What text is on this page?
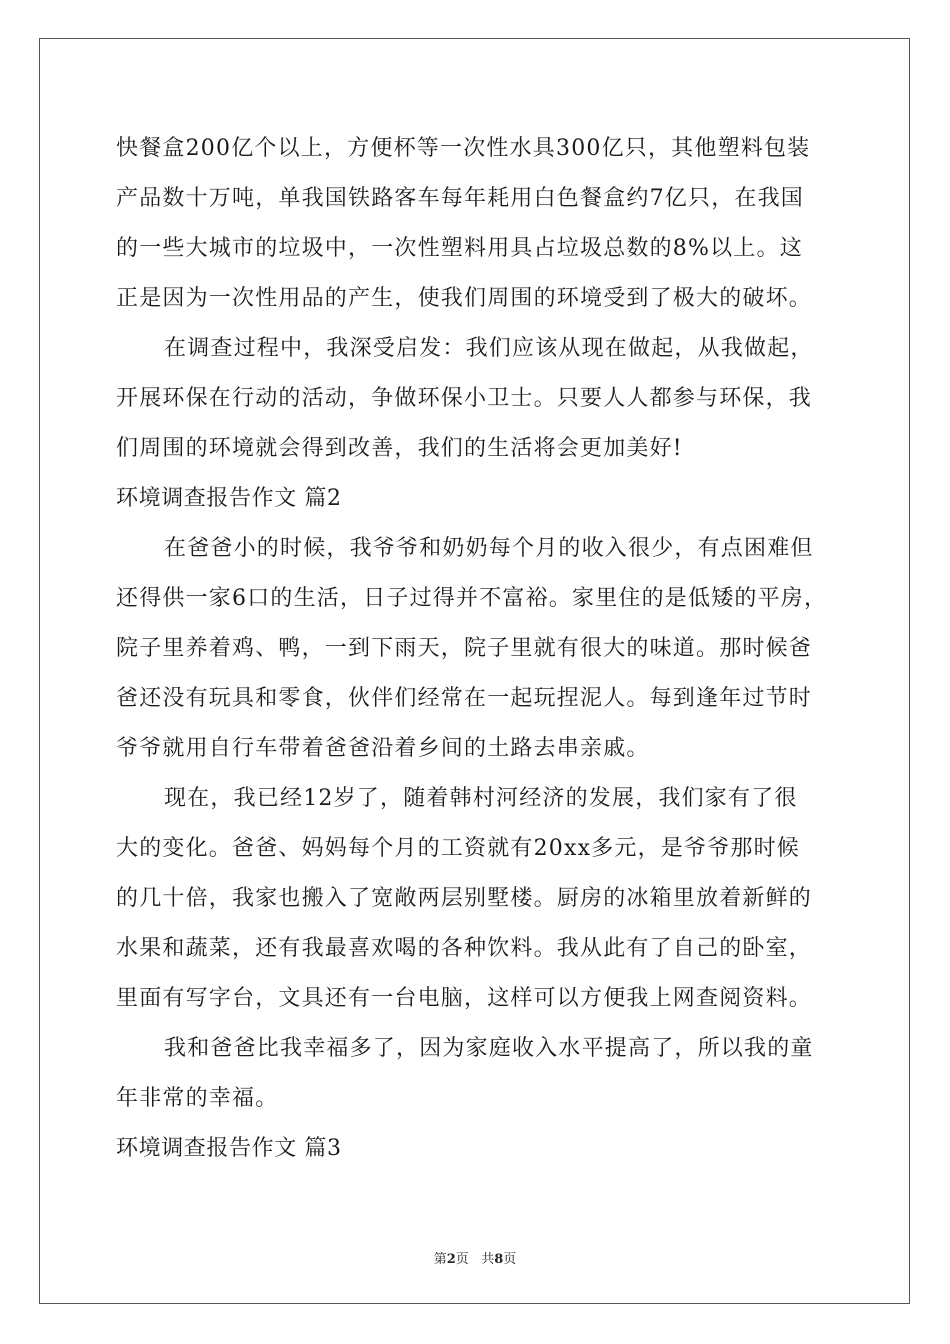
快餐盒200亿个以上，方便杯等一次性水具300亿只，其他塑料包装
产品数十万吨，单我国铁路客车每年耗用白色餐盒约7亿只，在我国
的一些大城市的垃圾中，一次性塑料用具占垃圾总数的8%以上。这
正是因为一次性用品的产生，使我们周围的环境受到了极大的破坏。
在调查过程中，我深受启发：我们应该从现在做起，从我做起，
开展环保在行动的活动，争做环保小卫士。只要人人都参与环保，我
们周围的环境就会得到改善，我们的生活将会更加美好!
环境调查报告作文 篇2
在爸爸小的时候，我爷爷和奶奶每个月的收入很少，有点困难但
还得供一家6口的生活，日子过得并不富裕。家里住的是低矮的平房，
院子里养着鸡、鸭，一到下雨天，院子里就有很大的味道。那时候爸
爸还没有玩具和零食，伙伴们经常在一起玩捏泥人。每到逢年过节时
爷爷就用自行车带着爸爸沿着乡间的土路去串亲戚。
现在，我已经12岁了，随着韩村河经济的发展，我们家有了很
大的变化。爸爸、妈妈每个月的工资就有20xx多元，是爷爷那时候
的几十倍，我家也搬入了宽敞两层别墅楼。厨房的冰箱里放着新鲜的
水果和蔬菜，还有我最喜欢喝的各种饮料。我从此有了自己的卧室，
里面有写字台，文具还有一台电脑，这样可以方便我上网查阅资料。
我和爸爸比我幸福多了，因为家庭收入水平提高了，所以我的童
年非常的幸福。
环境调查报告作文 篇3
第2页 共8页
